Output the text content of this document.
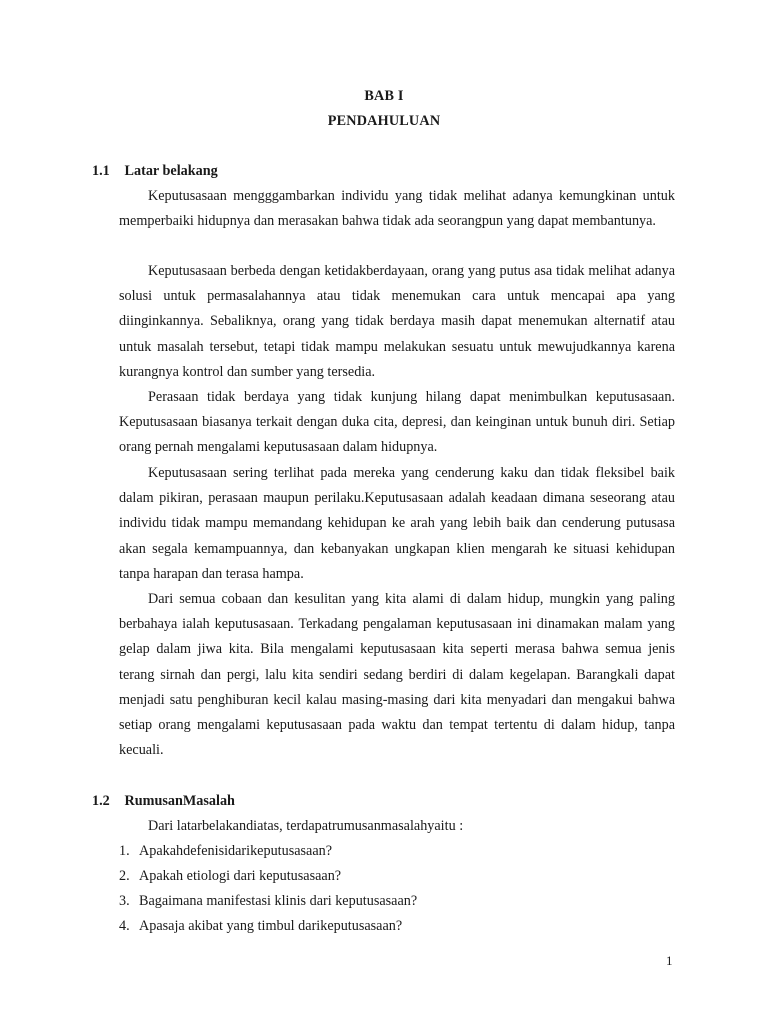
BAB I
PENDAHULUAN
1.1 Latar belakang
Keputusasaan mengggambarkan individu yang tidak melihat adanya kemungkinan untuk memperbaiki hidupnya dan merasakan bahwa tidak ada seorangpun yang dapat membantunya.
Keputusasaan berbeda dengan ketidakberdayaan, orang yang putus asa tidak melihat adanya solusi untuk permasalahannya atau tidak menemukan cara untuk mencapai apa yang diinginkannya. Sebaliknya, orang yang tidak berdaya masih dapat menemukan alternatif atau untuk masalah tersebut, tetapi tidak mampu melakukan sesuatu untuk mewujudkannya karena kurangnya kontrol dan sumber yang tersedia.
Perasaan tidak berdaya yang tidak kunjung hilang dapat menimbulkan keputusasaan. Keputusasaan biasanya terkait dengan duka cita, depresi, dan keinginan untuk bunuh diri. Setiap orang pernah mengalami keputusasaan dalam hidupnya.
Keputusasaan sering terlihat pada mereka yang cenderung kaku dan tidak fleksibel baik dalam pikiran, perasaan maupun perilaku.Keputusasaan adalah keadaan dimana seseorang atau individu tidak mampu memandang kehidupan ke arah yang lebih baik dan cenderung putusasa akan segala kemampuannya, dan kebanyakan ungkapan klien mengarah ke situasi kehidupan tanpa harapan dan terasa hampa.
Dari semua cobaan dan kesulitan yang kita alami di dalam hidup, mungkin yang paling berbahaya ialah keputusasaan. Terkadang pengalaman keputusasaan ini dinamakan malam yang gelap dalam jiwa kita. Bila mengalami keputusasaan kita seperti merasa bahwa semua jenis terang sirnah dan pergi, lalu kita sendiri sedang berdiri di dalam kegelapan. Barangkali dapat menjadi satu penghiburan kecil kalau masing-masing dari kita menyadari dan mengakui bahwa setiap orang mengalami keputusasaan pada waktu dan tempat tertentu di dalam hidup, tanpa kecuali.
1.2 RumusanMasalah
Dari latarbelakandiatas, terdapatrumusanmasalahyaitu :
1. Apakahdefenisidarikeputusasaan?
2. Apakah etiologi dari keputusasaan?
3. Bagaimana manifestasi klinis dari keputusasaan?
4. Apasaja akibat yang timbul darikeputusasaan?
1
